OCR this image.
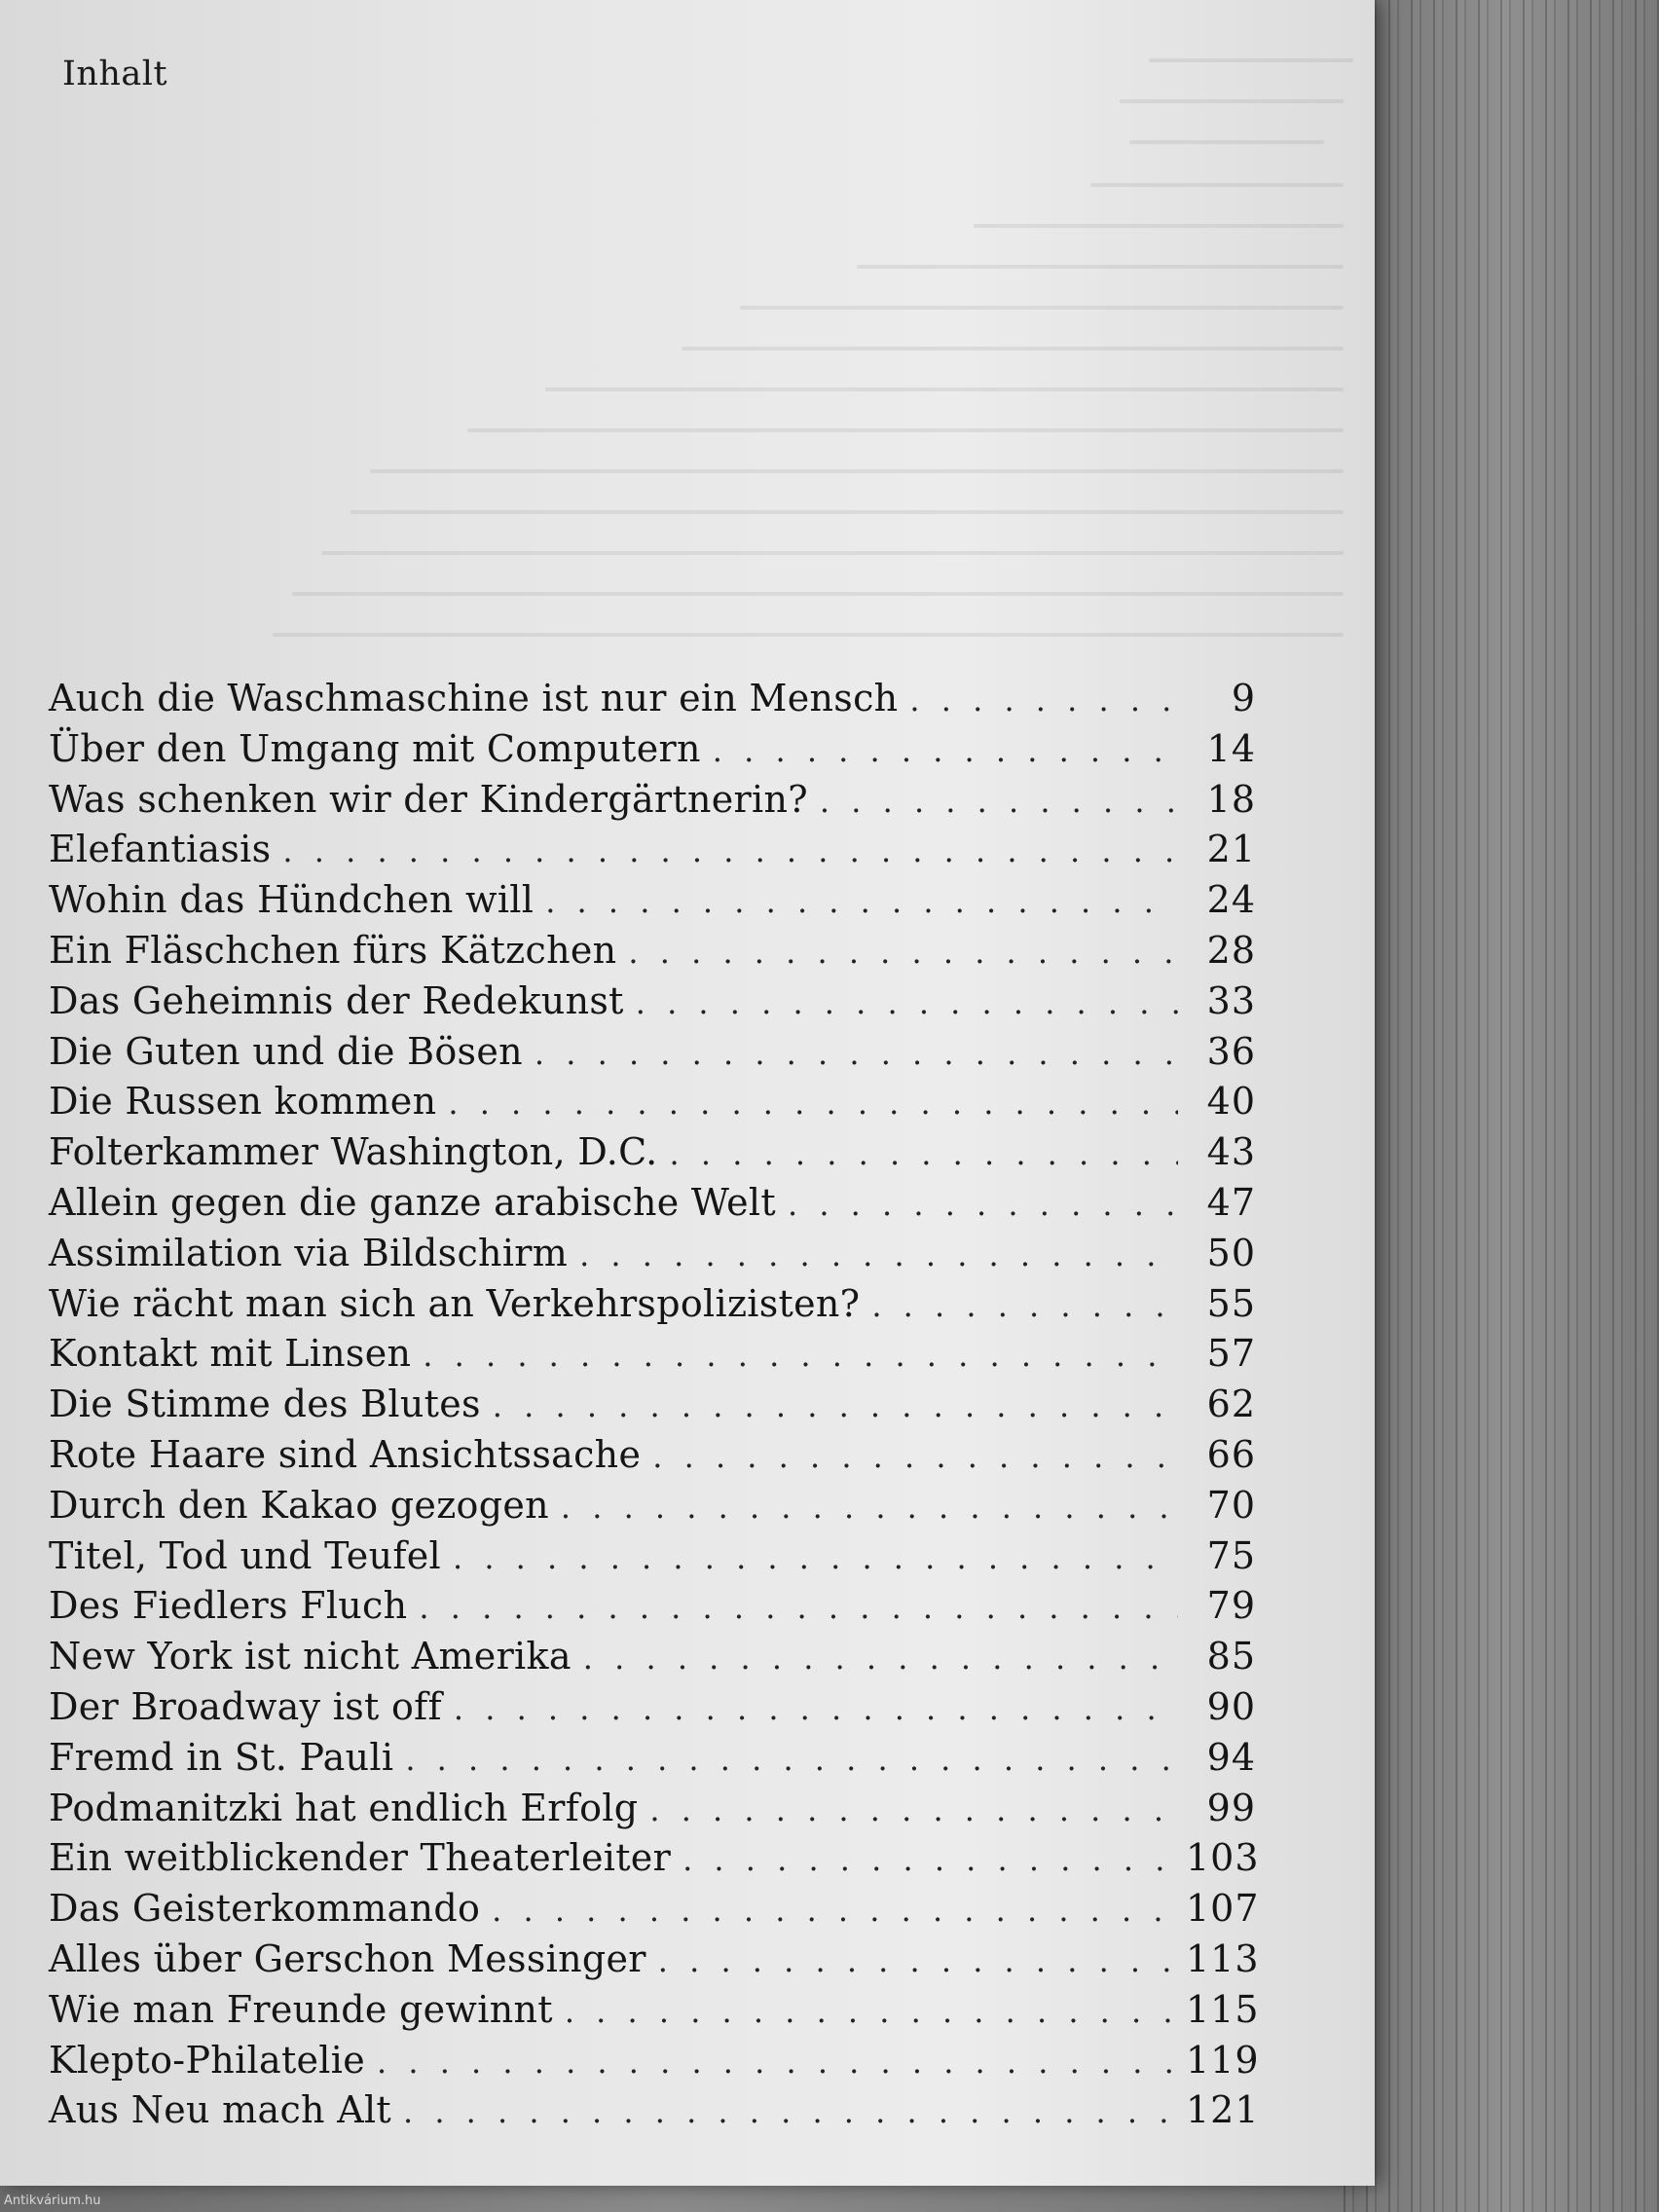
Inhalt
Auch die Waschmaschine ist nur ein Mensch . . .	9
Über den Umgang mit Computern . . .	14
Was schenken wir der Kindergärtnerin? . . .	18
Elefantiasis . . .	21
Wohin das Hündchen will . . .	24
Ein Fläschchen fürs Kätzchen . . .	28
Das Geheimnis der Redekunst . . .	33
Die Guten und die Bösen . . .	36
Die Russen kommen . . .	40
Folterkammer Washington, D.C. . . .	43
Allein gegen die ganze arabische Welt . . .	47
Assimilation via Bildschirm . . .	50
Wie rächt man sich an Verkehrspolizisten? . . .	55
Kontakt mit Linsen . . .	57
Die Stimme des Blutes . . .	62
Rote Haare sind Ansichtssache . . .	66
Durch den Kakao gezogen . . .	70
Titel, Tod und Teufel . . .	75
Des Fiedlers Fluch . . .	79
New York ist nicht Amerika . . .	85
Der Broadway ist off . . .	90
Fremd in St. Pauli . . .	94
Podmanitzki hat endlich Erfolg . . .	99
Ein weitblickender Theaterleiter . . .	103
Das Geisterkommando . . .	107
Alles über Gerschon Messinger . . .	113
Wie man Freunde gewinnt . . .	115
Klepto-Philatelie . . .	119
Aus Neu mach Alt . . .	121
Antikvárium.hu
